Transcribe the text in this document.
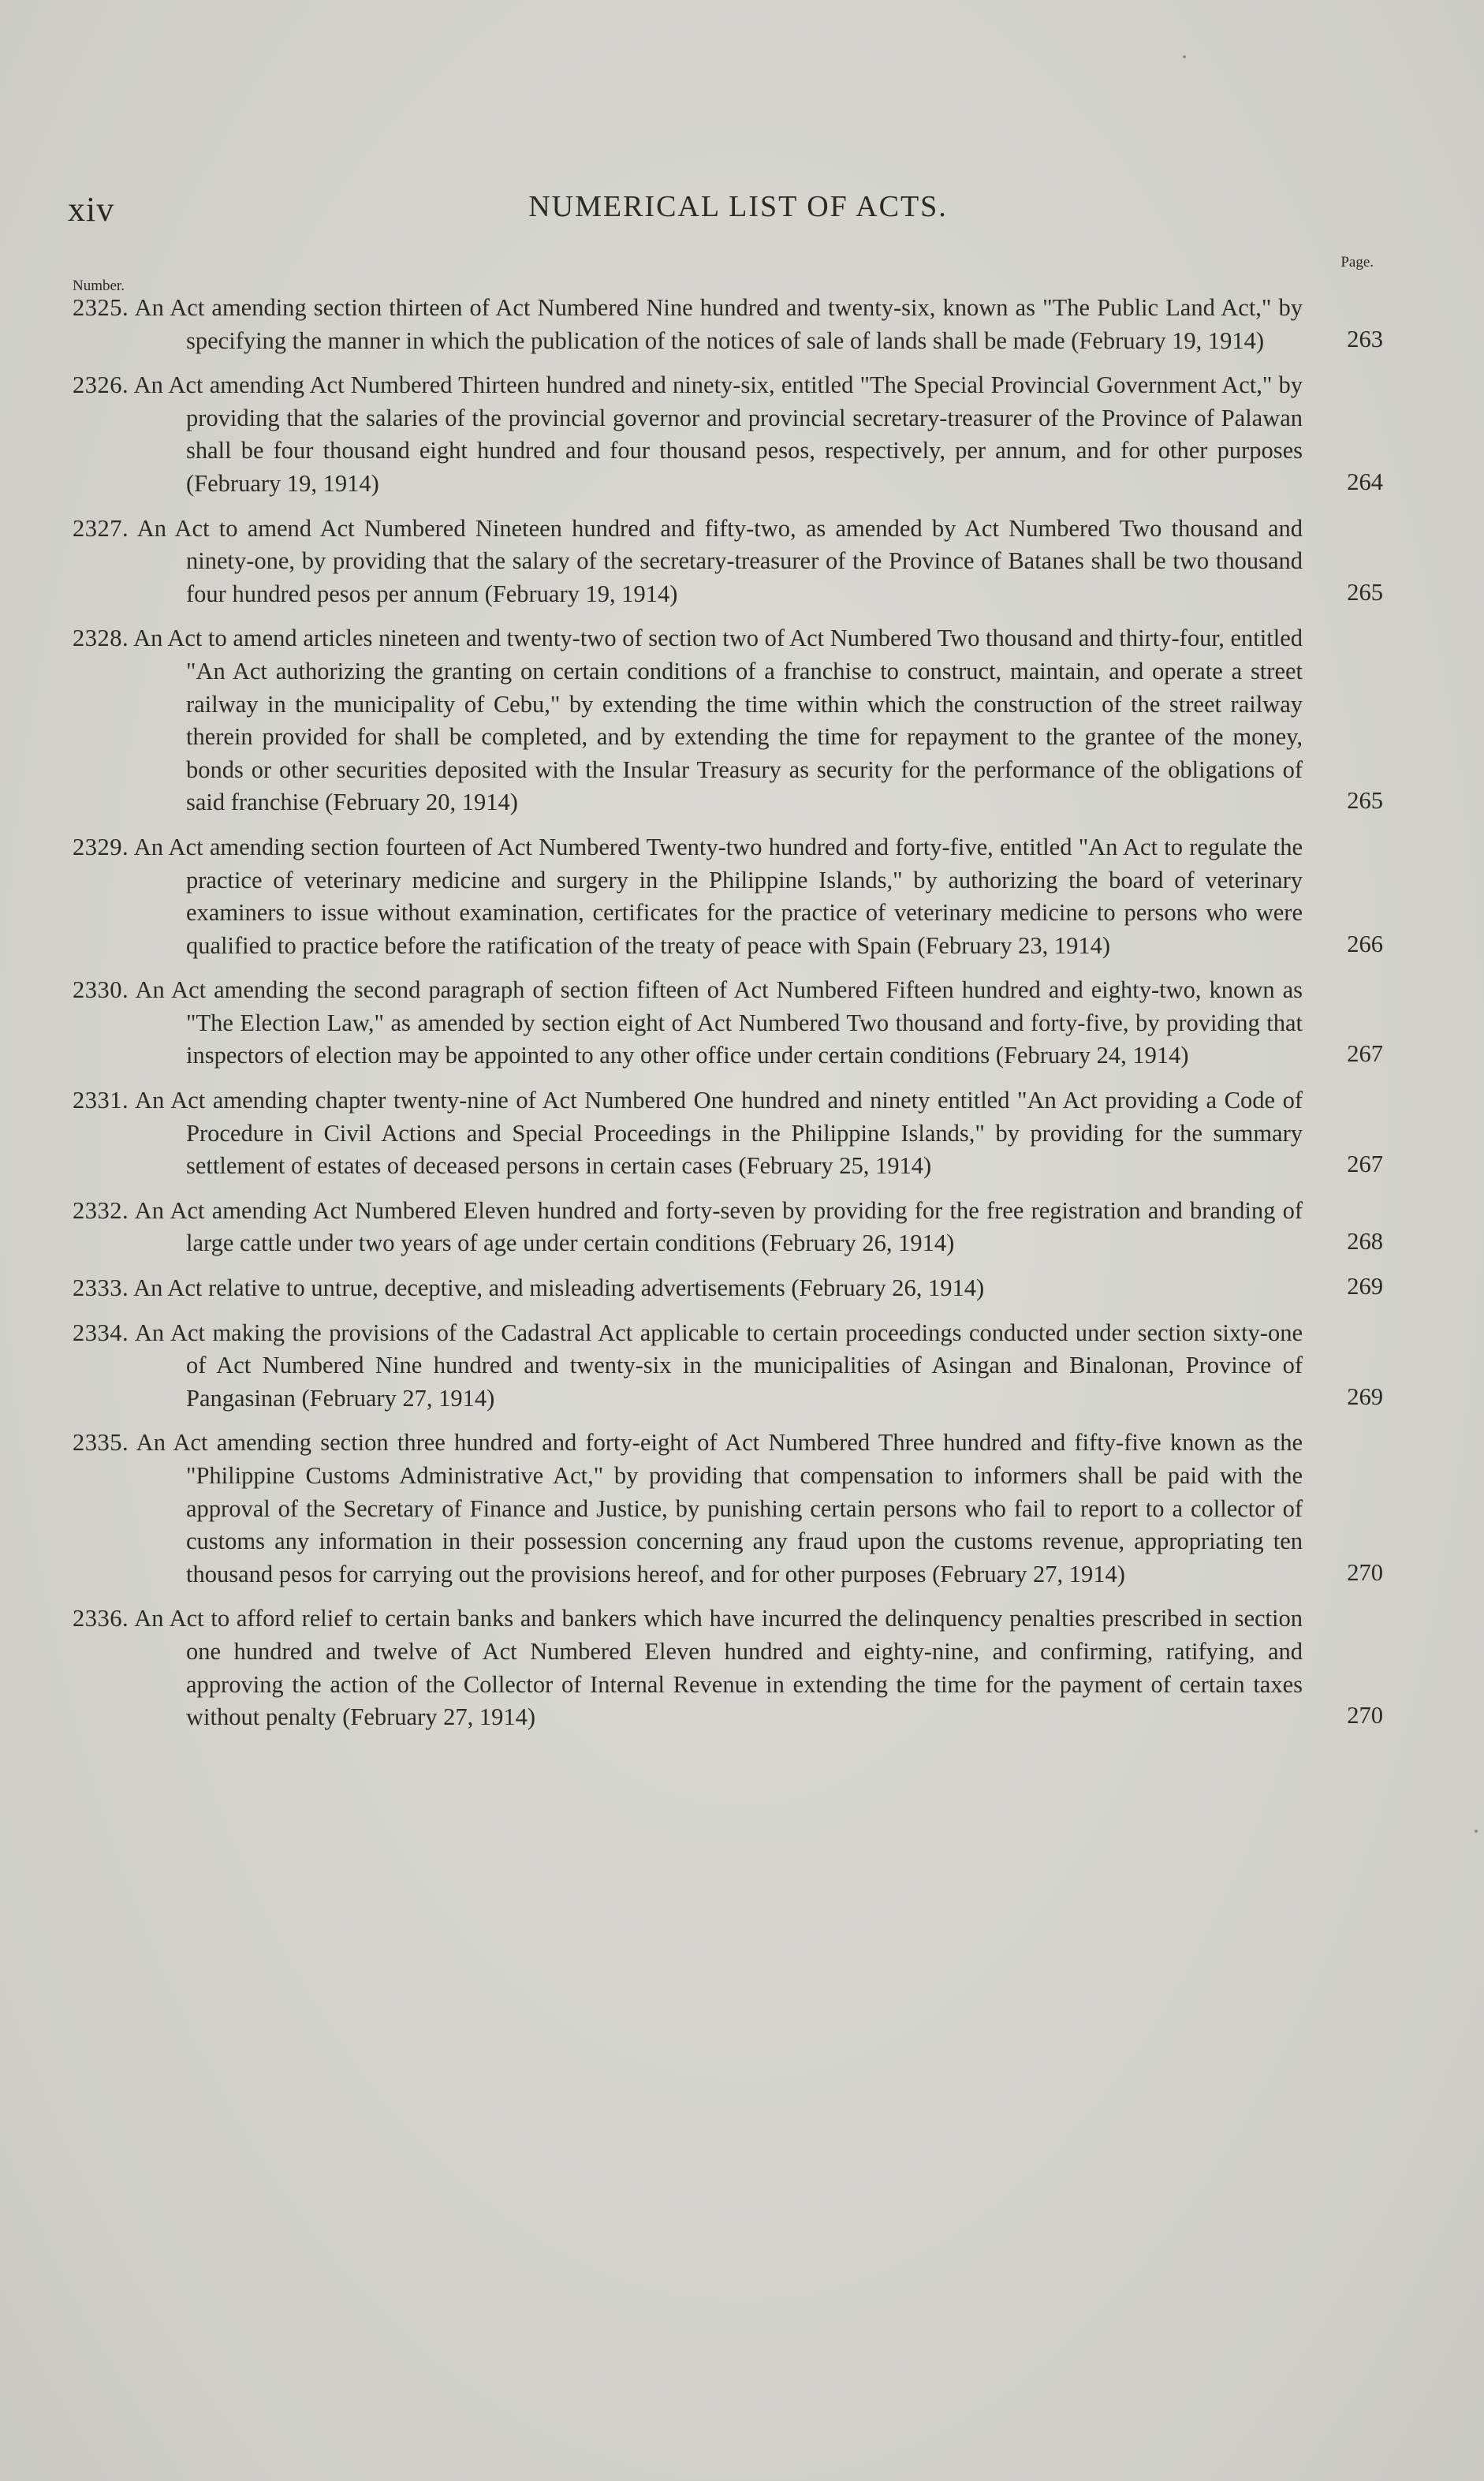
xiv	NUMERICAL LIST OF ACTS.
Number.
Page.
2325. An Act amending section thirteen of Act Numbered Nine hundred and twenty-six, known as "The Public Land Act," by specifying the manner in which the publication of the notices of sale of lands shall be made (February 19, 1914)	263
2326. An Act amending Act Numbered Thirteen hundred and ninety-six, entitled "The Special Provincial Government Act," by providing that the salaries of the provincial governor and provincial secretary-treasurer of the Province of Palawan shall be four thousand eight hundred and four thousand pesos, respectively, per annum, and for other purposes (February 19, 1914)	264
2327. An Act to amend Act Numbered Nineteen hundred and fifty-two, as amended by Act Numbered Two thousand and ninety-one, by providing that the salary of the secretary-treasurer of the Province of Batanes shall be two thousand four hundred pesos per annum (February 19, 1914)	265
2328. An Act to amend articles nineteen and twenty-two of section two of Act Numbered Two thousand and thirty-four, entitled "An Act authorizing the granting on certain conditions of a franchise to construct, maintain, and operate a street railway in the municipality of Cebu," by extending the time within which the construction of the street railway therein provided for shall be completed, and by extending the time for repayment to the grantee of the money, bonds or other securities deposited with the Insular Treasury as security for the performance of the obligations of said franchise (February 20, 1914)	265
2329. An Act amending section fourteen of Act Numbered Twenty-two hundred and forty-five, entitled "An Act to regulate the practice of veterinary medicine and surgery in the Philippine Islands," by authorizing the board of veterinary examiners to issue without examination, certificates for the practice of veterinary medicine to persons who were qualified to practice before the ratification of the treaty of peace with Spain (February 23, 1914)	266
2330. An Act amending the second paragraph of section fifteen of Act Numbered Fifteen hundred and eighty-two, known as "The Election Law," as amended by section eight of Act Numbered Two thousand and forty-five, by providing that inspectors of election may be appointed to any other office under certain conditions (February 24, 1914)	267
2331. An Act amending chapter twenty-nine of Act Numbered One hundred and ninety entitled "An Act providing a Code of Procedure in Civil Actions and Special Proceedings in the Philippine Islands," by providing for the summary settlement of estates of deceased persons in certain cases (February 25, 1914)	267
2332. An Act amending Act Numbered Eleven hundred and forty-seven by providing for the free registration and branding of large cattle under two years of age under certain conditions (February 26, 1914)	268
2333. An Act relative to untrue, deceptive, and misleading advertisements (February 26, 1914)	269
2334. An Act making the provisions of the Cadastral Act applicable to certain proceedings conducted under section sixty-one of Act Numbered Nine hundred and twenty-six in the municipalities of Asingan and Binalonan, Province of Pangasinan (February 27, 1914)	269
2335. An Act amending section three hundred and forty-eight of Act Numbered Three hundred and fifty-five known as the "Philippine Customs Administrative Act," by providing that compensation to informers shall be paid with the approval of the Secretary of Finance and Justice, by punishing certain persons who fail to report to a collector of customs any information in their possession concerning any fraud upon the customs revenue, appropriating ten thousand pesos for carrying out the provisions hereof, and for other purposes (February 27, 1914)	270
2336. An Act to afford relief to certain banks and bankers which have incurred the delinquency penalties prescribed in section one hundred and twelve of Act Numbered Eleven hundred and eighty-nine, and confirming, ratifying, and approving the action of the Collector of Internal Revenue in extending the time for the payment of certain taxes without penalty (February 27, 1914)	270
